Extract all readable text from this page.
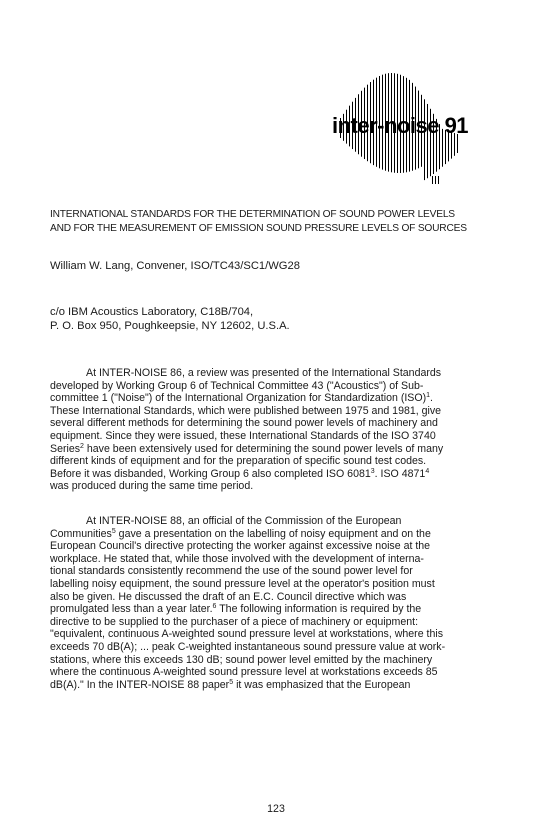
inter-noise 91
INTERNATIONAL STANDARDS FOR THE DETERMINATION OF SOUND POWER LEVELS
AND FOR THE MEASUREMENT OF EMISSION SOUND PRESSURE LEVELS OF SOURCES
William W. Lang, Convener, ISO/TC43/SC1/WG28
c/o IBM Acoustics Laboratory, C18B/704,
P. O. Box 950, Poughkeepsie, NY 12602, U.S.A.
At INTER-NOISE 86, a review was presented of the International Standards
developed by Working Group 6 of Technical Committee 43 ("Acoustics") of Sub-
committee 1 ("Noise") of the International Organization for Standardization (ISO)$^1$.
These International Standards, which were published between 1975 and 1981, give
several different methods for determining the sound power levels of machinery and
equipment. Since they were issued, these International Standards of the ISO 3740
Series$^2$ have been extensively used for determining the sound power levels of many
different kinds of equipment and for the preparation of specific sound test codes.
Before it was disbanded, Working Group 6 also completed ISO 6081$^3$. ISO 4871$^4$
was produced during the same time period.
At INTER-NOISE 88, an official of the Commission of the European
Communities$^5$ gave a presentation on the labelling of noisy equipment and on the
European Council's directive protecting the worker against excessive noise at the
workplace. He stated that, while those involved with the development of interna-
tional standards consistently recommend the use of the sound power level for
labelling noisy equipment, the sound pressure level at the operator's position must
also be given. He discussed the draft of an E.C. Council directive which was
promulgated less than a year later.$^6$ The following information is required by the
directive to be supplied to the purchaser of a piece of machinery or equipment:
"equivalent, continuous A-weighted sound pressure level at workstations, where this
exceeds 70 dB(A); ... peak C-weighted instantaneous sound pressure value at work-
stations, where this exceeds 130 dB; sound power level emitted by the machinery
where the continuous A-weighted sound pressure level at workstations exceeds 85
dB(A)." In the INTER-NOISE 88 paper$^5$ it was emphasized that the European
123
